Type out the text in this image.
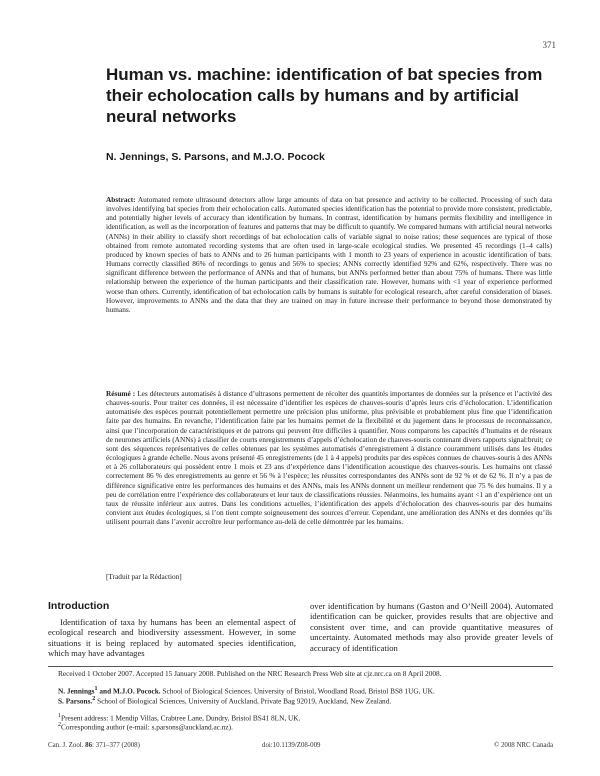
371
Human vs. machine: identification of bat species from their echolocation calls by humans and by artificial neural networks
N. Jennings, S. Parsons, and M.J.O. Pocock
Abstract: Automated remote ultrasound detectors allow large amounts of data on bat presence and activity to be collected. Processing of such data involves identifying bat species from their echolocation calls. Automated species identification has the potential to provide more consistent, predictable, and potentially higher levels of accuracy than identification by humans. In contrast, identification by humans permits flexibility and intelligence in identification, as well as the incorporation of features and patterns that may be difficult to quantify. We compared humans with artificial neural networks (ANNs) in their ability to classify short recordings of bat echolocation calls of variable signal to noise ratios; these sequences are typical of those obtained from remote automated recording systems that are often used in large-scale ecological studies. We presented 45 recordings (1–4 calls) produced by known species of bats to ANNs and to 26 human participants with 1 month to 23 years of experience in acoustic identification of bats. Humans correctly classified 86% of recordings to genus and 56% to species; ANNs correctly identified 92% and 62%, respectively. There was no significant difference between the performance of ANNs and that of humans, but ANNs performed better than about 75% of humans. There was little relationship between the experience of the human participants and their classification rate. However, humans with <1 year of experience performed worse than others. Currently, identification of bat echolocation calls by humans is suitable for ecological research, after careful consideration of biases. However, improvements to ANNs and the data that they are trained on may in future increase their performance to beyond those demonstrated by humans.
Résumé : Les détecteurs automatisés à distance d’ultrasons permettent de récolter des quantités importantes de données sur la présence et l’activité des chauves-souris. Pour traiter ces données, il est nécessaire d’identifier les espèces de chauves-souris d’après leurs cris d’écholocation. L’identification automatisée des espèces pourrait potentiellement permettre une précision plus uniforme, plus prévisible et probablement plus fine que l’identification faite par des humains. En revanche, l’identification faite par les humains permet de la flexibilité et du jugement dans le processus de reconnaissance, ainsi que l’incorporation de caractéristiques et de patrons qui peuvent être difficiles à quantifier. Nous comparons les capacités d’humains et de réseaux de neurones artificiels (ANNs) à classifier de courts enregistrements d’appels d’écholocation de chauves-souris contenant divers rapports signal:bruit; ce sont des séquences représentatives de celles obtenues par les systèmes automatisés d’enregistrement à distance couramment utilisés dans les études écologiques à grande échelle. Nous avons présenté 45 enregistrements (de 1 à 4 appels) produits par des espèces connues de chauves-souris à des ANNs et à 26 collaborateurs qui possèdent entre 1 mois et 23 ans d’expérience dans l’identification acoustique des chauves-souris. Les humains ont classé correctement 86 % des enregistrements au genre et 56 % à l’espèce; les réussites correspondantes des ANNs sont de 92 % et de 62 %. Il n’y a pas de différence significative entre les performances des humains et des ANNs, mais les ANNs donnent un meilleur rendement que 75 % des humains. Il y a peu de corrélation entre l’expérience des collaborateurs et leur taux de classifications réussies. Néanmoins, les humains ayant <1 an d’expérience ont un taux de réussite inférieur aux autres. Dans les conditions actuelles, l’identification des appels d’écholocation des chauves-souris par des humains convient aux études écologiques, si l’on tient compte soigneusement des sources d’erreur. Cependant, une amélioration des ANNs et des données qu’ils utilisent pourrait dans l’avenir accroître leur performance au-delà de celle démontrée par les humains.
[Traduit par la Rédaction]
Introduction
Identification of taxa by humans has been an elemental aspect of ecological research and biodiversity assessment. However, in some situations it is being replaced by automated species identification, which may have advantages
over identification by humans (Gaston and O’Neill 2004). Automated identification can be quicker, provides results that are objective and consistent over time, and can provide quantitative measures of uncertainty. Automated methods may also provide greater levels of accuracy of identification
Received 1 October 2007. Accepted 15 January 2008. Published on the NRC Research Press Web site at cjz.nrc.ca on 8 April 2008.
N. Jennings$^1$ and M.J.O. Pocock. School of Biological Sciences, University of Bristol, Woodland Road, Bristol BS8 1UG, UK.
S. Parsons.$^2$ School of Biological Sciences, University of Auckland, Private Bag 92019, Auckland, New Zealand.
$^1$Present address: 1 Mendip Villas, Crabtree Lane, Dundry, Bristol BS41 8LN, UK.
$^2$Corresponding author (e-mail: s.parsons@auckland.ac.nz).
Can. J. Zool. 86: 371–377 (2008)	doi:10.1139/Z08-009	© 2008 NRC Canada
